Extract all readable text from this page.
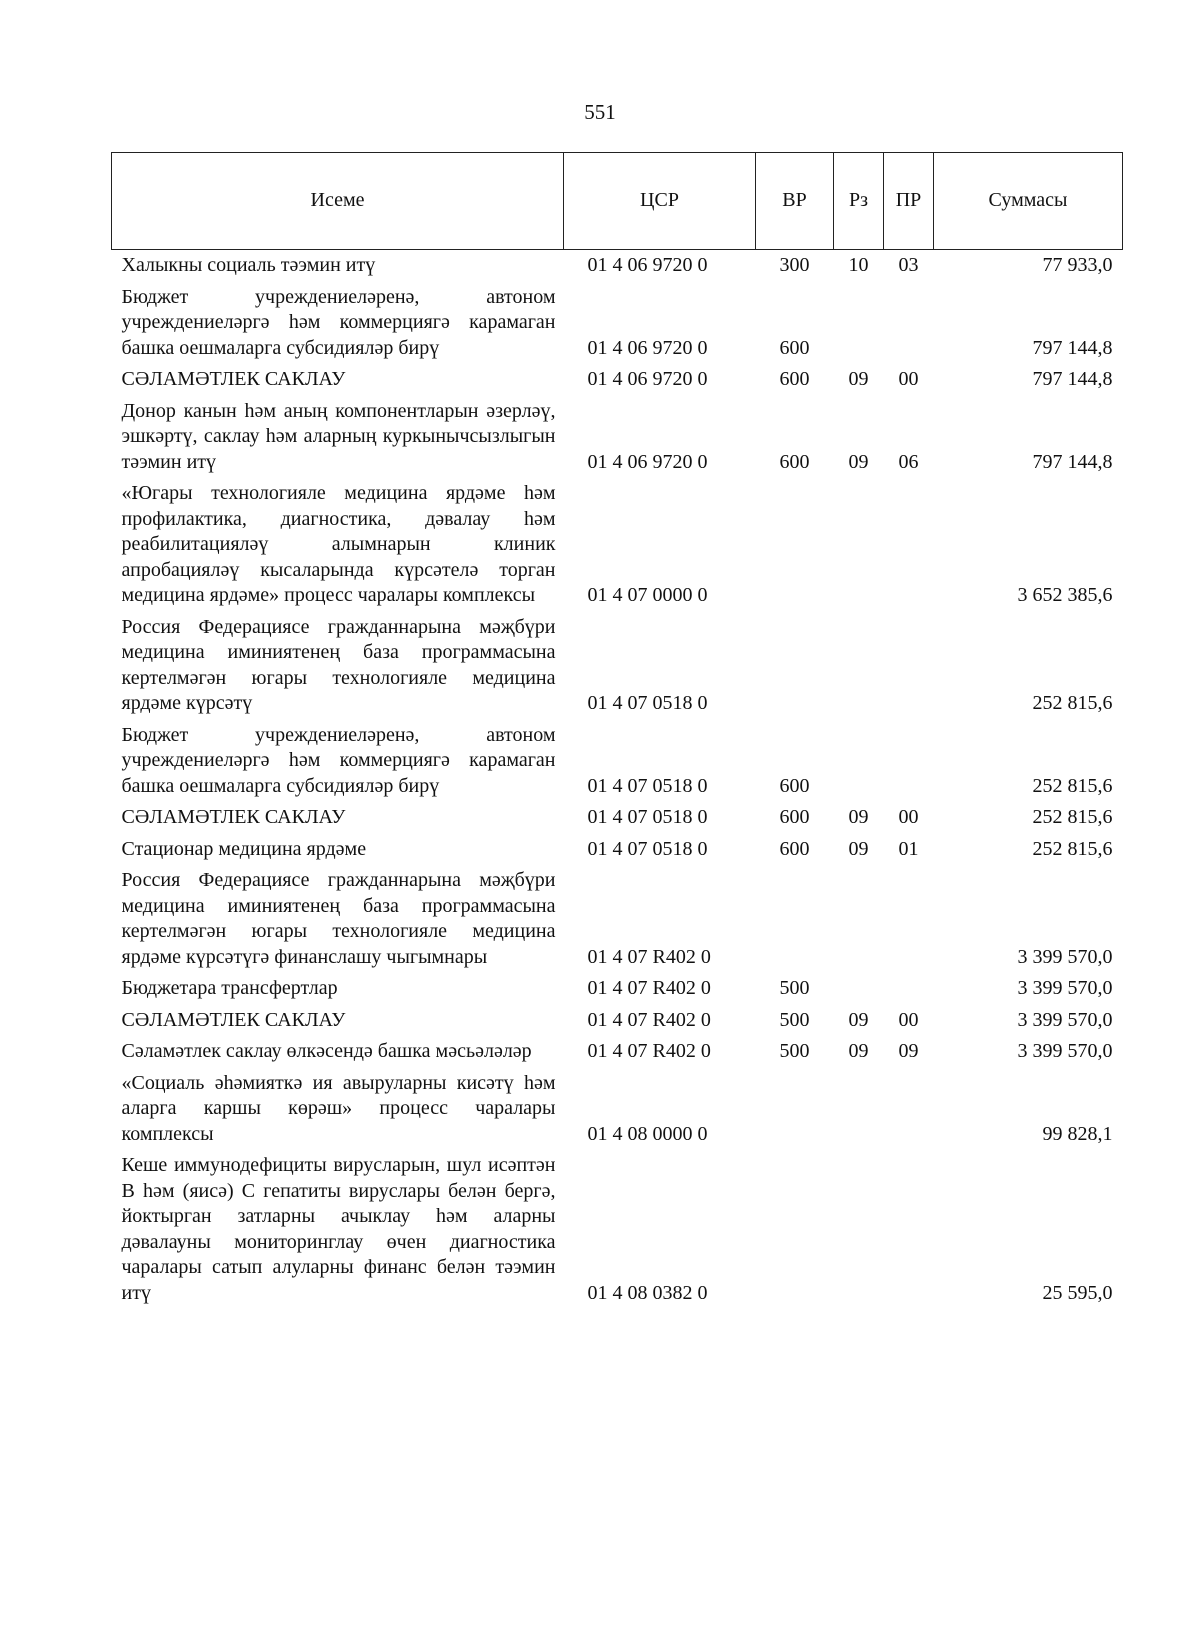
551
Исеме	ЦСР	ВР	Рз	ПР	Суммасы
Халыкны социаль тәэмин итү	01 4 06 9720 0	300	10	03	77 933,0
Бюджет учреждениеләренә, автоном учреждениеләргә һәм коммерциягә карамаган башка оешмаларга субсидияләр бирү	01 4 06 9720 0	600			797 144,8
СӘЛАМӘТЛЕК САКЛАУ	01 4 06 9720 0	600	09	00	797 144,8
Донор канын һәм аның компонентларын әзерләү, эшкәртү, саклау һәм аларның куркынычсызлыгын тәэмин итү	01 4 06 9720 0	600	09	06	797 144,8
«Югары технологияле медицина ярдәме һәм профилактика, диагностика, дәвалау һәм реабилитацияләү алымнарын клиник апробацияләү кысаларында күрсәтелә торган медицина ярдәме» процесс чаралары комплексы	01 4 07 0000 0				3 652 385,6
Россия Федерациясе гражданнарына мәҗбүри медицина иминиятенең база программасына кертелмәгән югары технологияле медицина ярдәме күрсәтү	01 4 07 0518 0				252 815,6
Бюджет учреждениеләренә, автоном учреждениеләргә һәм коммерциягә карамаган башка оешмаларга субсидияләр бирү	01 4 07 0518 0	600			252 815,6
СӘЛАМӘТЛЕК САКЛАУ	01 4 07 0518 0	600	09	00	252 815,6
Стационар медицина ярдәме	01 4 07 0518 0	600	09	01	252 815,6
Россия Федерациясе гражданнарына мәҗбүри медицина иминиятенең база программасына кертелмәгән югары технологияле медицина ярдәме күрсәтүгә финанслашу чыгымнары	01 4 07 R402 0				3 399 570,0
Бюджетара трансфертлар	01 4 07 R402 0	500			3 399 570,0
СӘЛАМӘТЛЕК САКЛАУ	01 4 07 R402 0	500	09	00	3 399 570,0
Сәламәтлек саклау өлкәсендә башка мәсьәләләр	01 4 07 R402 0	500	09	09	3 399 570,0
«Социаль әһәмияткә ия авыруларны кисәтү һәм аларга каршы көрәш» процесс чаралары комплексы	01 4 08 0000 0				99 828,1
Кеше иммунодефициты вирусларын, шул исәптән B һәм (яисә) C гепатиты вируслары белән бергә, йоктырган затларны ачыклау һәм аларны дәвалауны мониторинглау өчен диагностика чаралары сатып алуларны финанс белән тәэмин итү	01 4 08 0382 0				25 595,0
